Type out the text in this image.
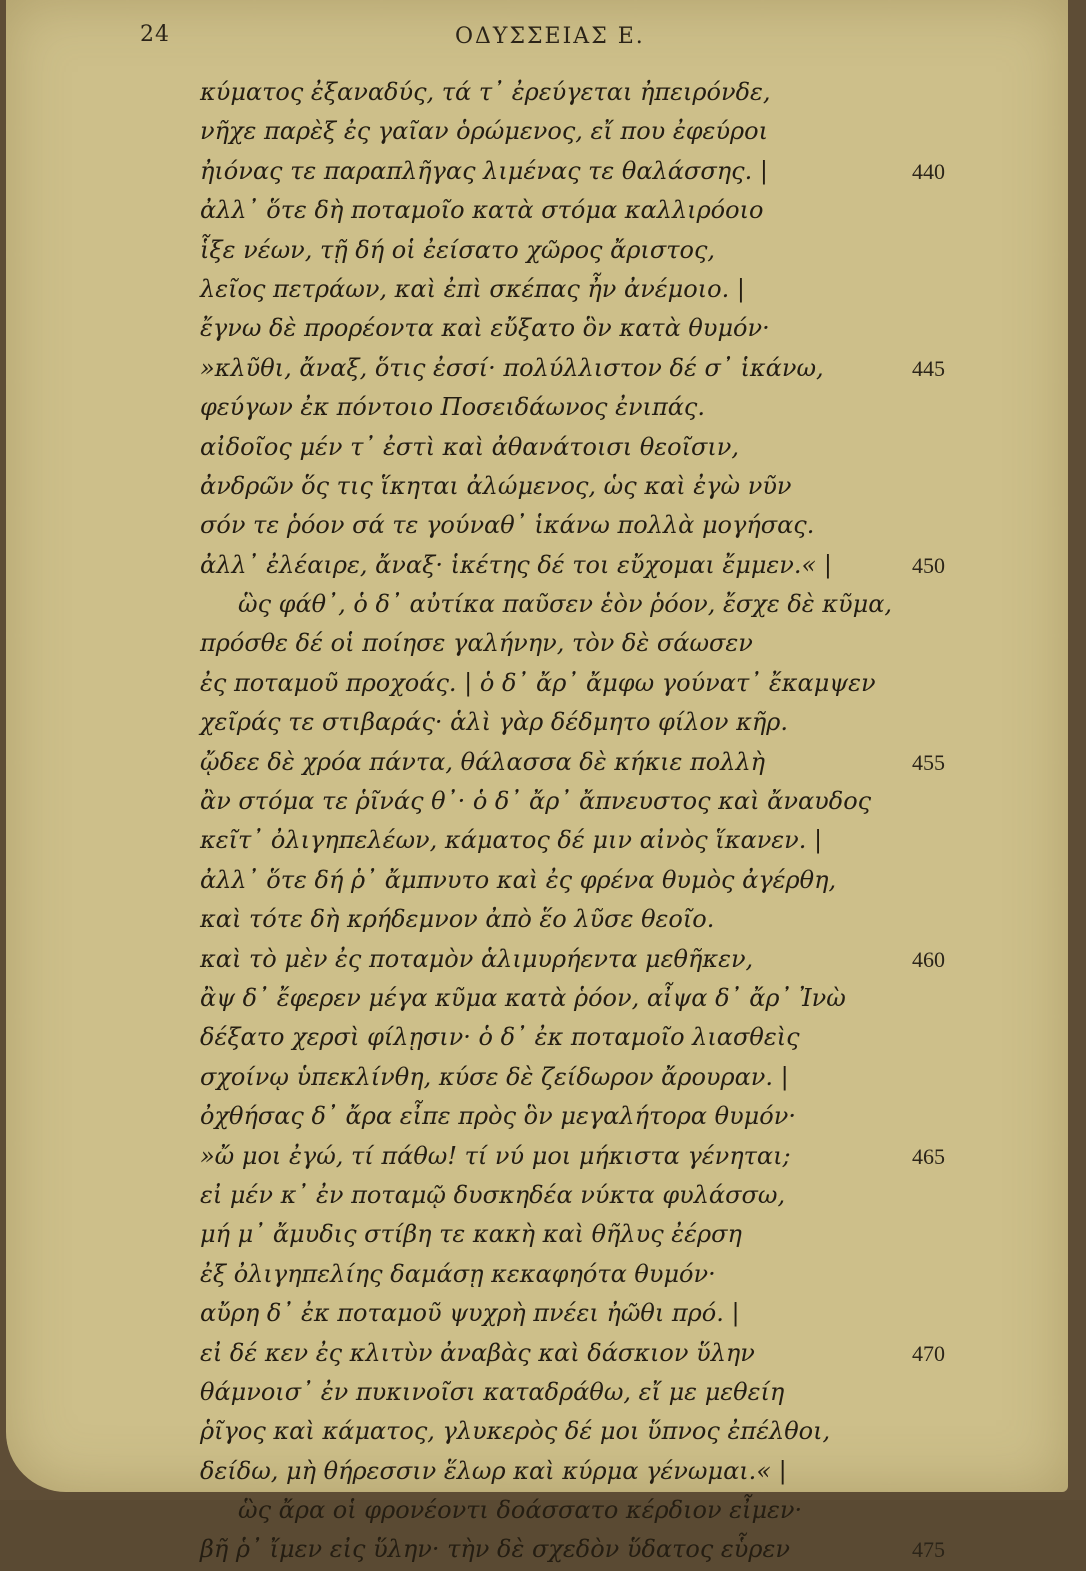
24	ΟΔΥΣΣΕΙΑΣ Ε.
κύματος ἐξαναδύς, τά τ᾽ ἐρεύγεται ἠπειρόνδε,
νῆχε παρὲξ ἐς γαῖαν ὁρώμενος, εἴ που ἐφεύροι
ἠιόνας τε παραπλῆγας λιμένας τε θαλάσσης. |	440
ἀλλ᾽ ὅτε δὴ ποταμοῖο κατὰ στόμα καλλιρόοιο
ἷξε νέων, τῇ δή οἱ ἐείσατο χῶρος ἄριστος,
λεῖος πετράων, καὶ ἐπὶ σκέπας ἦν ἀνέμοιο. |
ἔγνω δὲ προρέοντα καὶ εὔξατο ὃν κατὰ θυμόν·
»κλῦθι, ἄναξ, ὅτις ἐσσί· πολύλλιστον δέ σ᾽ ἱκάνω,	445
φεύγων ἐκ πόντοιο Ποσειδάωνος ἐνιπάς.
αἰδοῖος μέν τ᾽ ἐστὶ καὶ ἀθανάτοισι θεοῖσιν,
ἀνδρῶν ὅς τις ἵκηται ἀλώμενος, ὡς καὶ ἐγὼ νῦν
σόν τε ῥόον σά τε γούναθ᾽ ἱκάνω πολλὰ μογήσας.
ἀλλ᾽ ἐλέαιρε, ἄναξ· ἱκέτης δέ τοι εὔχομαι ἔμμεν.« |	450
ὣς φάθ᾽, ὁ δ᾽ αὐτίκα παῦσεν ἑὸν ῥόον, ἔσχε δὲ κῦμα,
πρόσθε δέ οἱ ποίησε γαλήνην, τὸν δὲ σάωσεν
ἐς ποταμοῦ προχοάς. | ὁ δ᾽ ἄρ᾽ ἄμφω γούνατ᾽ ἔκαμψεν
χεῖράς τε στιβαράς· ἁλὶ γὰρ δέδμητο φίλον κῆρ.
ᾤδεε δὲ χρόα πάντα, θάλασσα δὲ κήκιε πολλὴ	455
ἂν στόμα τε ῥῖνάς θ᾽· ὁ δ᾽ ἄρ᾽ ἄπνευστος καὶ ἄναυδος
κεῖτ᾽ ὀλιγηπελέων, κάματος δέ μιν αἰνὸς ἵκανεν. |
ἀλλ᾽ ὅτε δή ῥ᾽ ἄμπνυτο καὶ ἐς φρένα θυμὸς ἀγέρθη,
καὶ τότε δὴ κρήδεμνον ἀπὸ ἕο λῦσε θεοῖο.
καὶ τὸ μὲν ἐς ποταμὸν ἁλιμυρήεντα μεθῆκεν,	460
ἂψ δ᾽ ἔφερεν μέγα κῦμα κατὰ ῥόον, αἶψα δ᾽ ἄρ᾽ Ἰνὼ
δέξατο χερσὶ φίλῃσιν· ὁ δ᾽ ἐκ ποταμοῖο λιασθεὶς
σχοίνῳ ὑπεκλίνθη, κύσε δὲ ζείδωρον ἄρουραν. |
ὀχθήσας δ᾽ ἄρα εἶπε πρὸς ὃν μεγαλήτορα θυμόν·
»ὤ μοι ἐγώ, τί πάθω! τί νύ μοι μήκιστα γένηται;	465
εἰ μέν κ᾽ ἐν ποταμῷ δυσκηδέα νύκτα φυλάσσω,
μή μ᾽ ἄμυδις στίβη τε κακὴ καὶ θῆλυς ἐέρση
ἐξ ὀλιγηπελίης δαμάσῃ κεκαφηότα θυμόν·
αὔρη δ᾽ ἐκ ποταμοῦ ψυχρὴ πνέει ἠῶθι πρό. |
εἰ δέ κεν ἐς κλιτὺν ἀναβὰς καὶ δάσκιον ὕλην	470
θάμνοισ᾽ ἐν πυκινοῖσι καταδράθω, εἴ με μεθείη
ῥῖγος καὶ κάματος, γλυκερὸς δέ μοι ὕπνος ἐπέλθοι,
δείδω, μὴ θήρεσσιν ἕλωρ καὶ κύρμα γένωμαι.« |
ὣς ἄρα οἱ φρονέοντι δοάσσατο κέρδιον εἶμεν·
βῆ ῥ᾽ ἴμεν εἰς ὕλην· τὴν δὲ σχεδὸν ὕδατος εὗρεν	475
